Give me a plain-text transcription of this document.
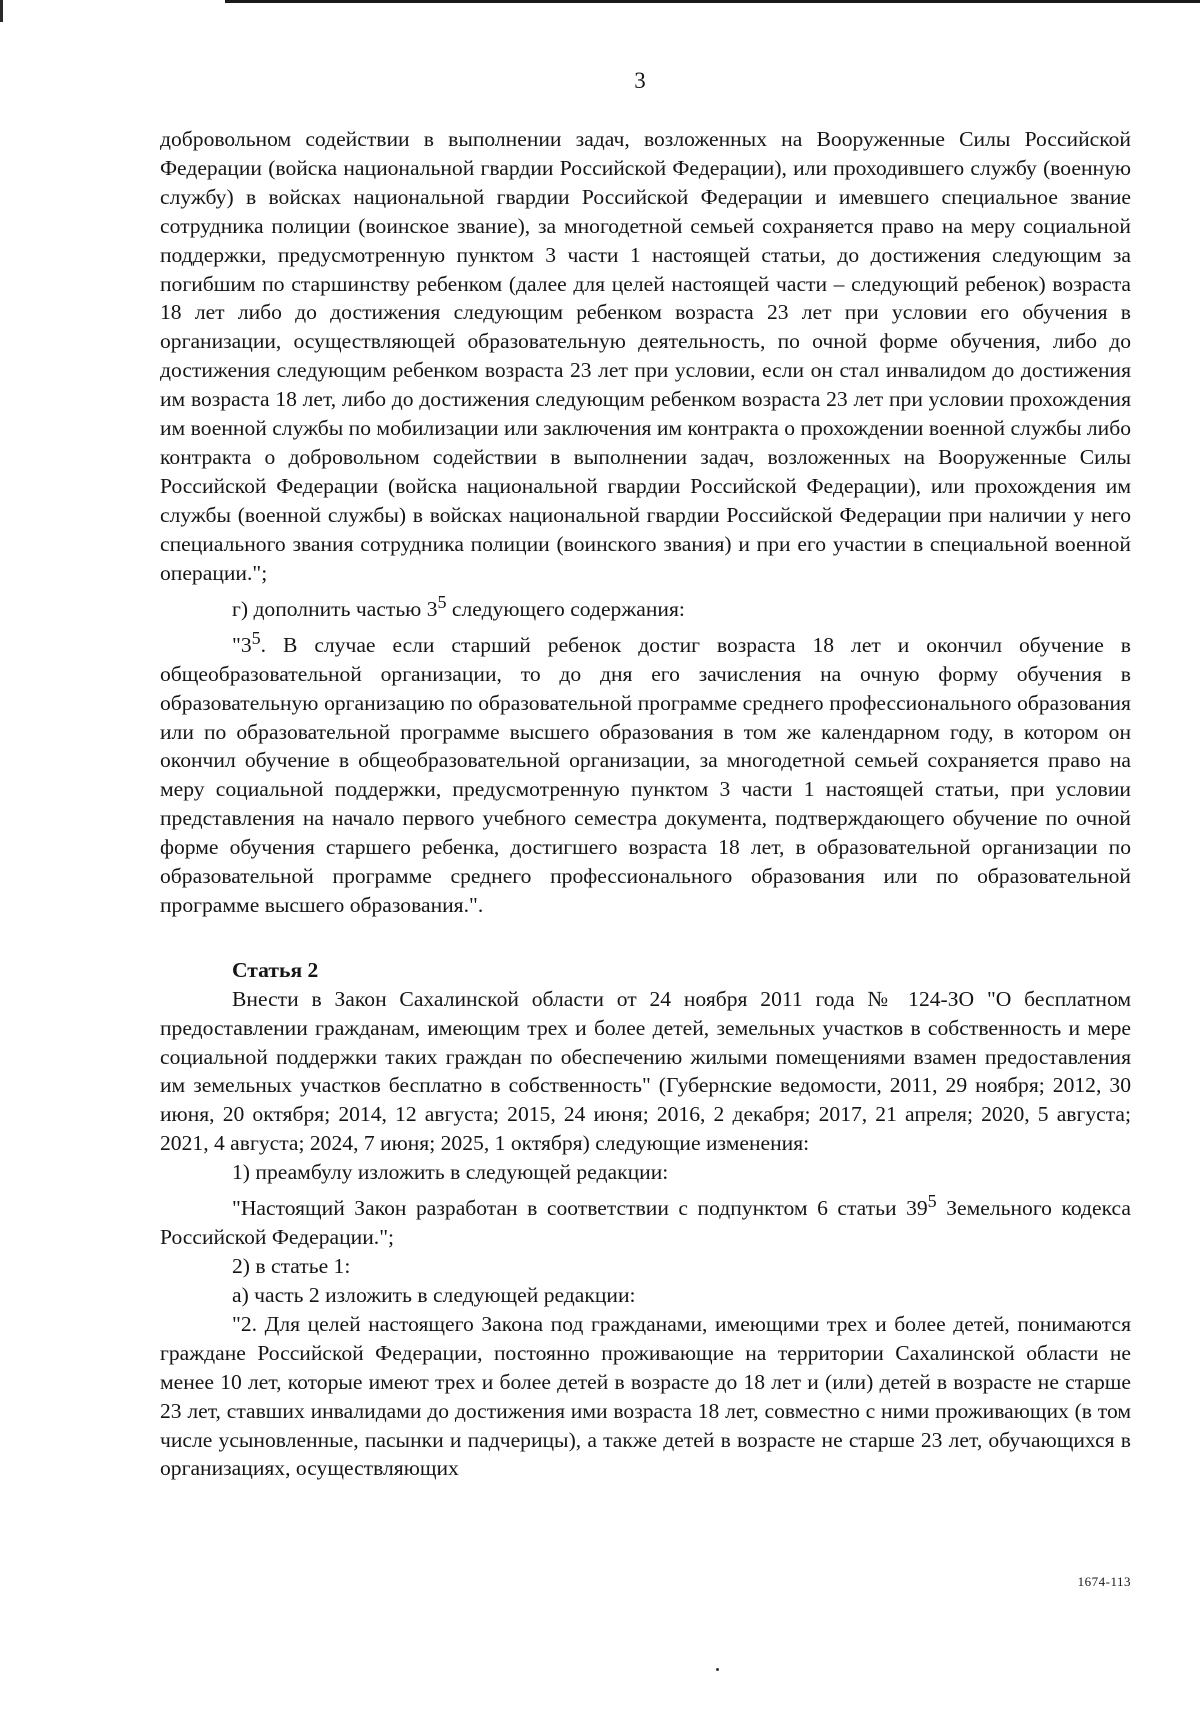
3

добровольном содействии в выполнении задач, возложенных на Вооруженные Силы Российской Федерации (войска национальной гвардии Российской Федерации), или проходившего службу (военную службу) в войсках национальной гвардии Российской Федерации и имевшего специальное звание сотрудника полиции (воинское звание), за многодетной семьей сохраняется право на меру социальной поддержки, предусмотренную пунктом 3 части 1 настоящей статьи, до достижения следующим за погибшим по старшинству ребенком (далее для целей настоящей части – следующий ребенок) возраста 18 лет либо до достижения следующим ребенком возраста 23 лет при условии его обучения в организации, осуществляющей образовательную деятельность, по очной форме обучения, либо до достижения следующим ребенком возраста 23 лет при условии, если он стал инвалидом до достижения им возраста 18 лет, либо до достижения следующим ребенком возраста 23 лет при условии прохождения им военной службы по мобилизации или заключения им контракта о прохождении военной службы либо контракта о добровольном содействии в выполнении задач, возложенных на Вооруженные Силы Российской Федерации (войска национальной гвардии Российской Федерации), или прохождения им службы (военной службы) в войсках национальной гвардии Российской Федерации при наличии у него специального звания сотрудника полиции (воинского звания) и при его участии в специальной военной операции.";

г) дополнить частью $3^5$ следующего содержания:

"$3^5$. В случае если старший ребенок достиг возраста 18 лет и окончил обучение в общеобразовательной организации, то до дня его зачисления на очную форму обучения в образовательную организацию по образовательной программе среднего профессионального образования или по образовательной программе высшего образования в том же календарном году, в котором он окончил обучение в общеобразовательной организации, за многодетной семьей сохраняется право на меру социальной поддержки, предусмотренную пунктом 3 части 1 настоящей статьи, при условии представления на начало первого учебного семестра документа, подтверждающего обучение по очной форме обучения старшего ребенка, достигшего возраста 18 лет, в образовательной организации по образовательной программе среднего профессионального образования или по образовательной программе высшего образования.".

Статья 2

Внести в Закон Сахалинской области от 24 ноября 2011 года № 124-ЗО "О бесплатном предоставлении гражданам, имеющим трех и более детей, земельных участков в собственность и мере социальной поддержки таких граждан по обеспечению жилыми помещениями взамен предоставления им земельных участков бесплатно в собственность" (Губернские ведомости, 2011, 29 ноября; 2012, 30 июня, 20 октября; 2014, 12 августа; 2015, 24 июня; 2016, 2 декабря; 2017, 21 апреля; 2020, 5 августа; 2021, 4 августа; 2024, 7 июня; 2025, 1 октября) следующие изменения:

1) преамбулу изложить в следующей редакции:

"Настоящий Закон разработан в соответствии с подпунктом 6 статьи $39^5$ Земельного кодекса Российской Федерации.";

2) в статье 1:

а) часть 2 изложить в следующей редакции:

"2. Для целей настоящего Закона под гражданами, имеющими трех и более детей, понимаются граждане Российской Федерации, постоянно проживающие на территории Сахалинской области не менее 10 лет, которые имеют трех и более детей в возрасте до 18 лет и (или) детей в возрасте не старше 23 лет, ставших инвалидами до достижения ими возраста 18 лет, совместно с ними проживающих (в том числе усыновленные, пасынки и падчерицы), а также детей в возрасте не старше 23 лет, обучающихся в организациях, осуществляющих

1674-113
